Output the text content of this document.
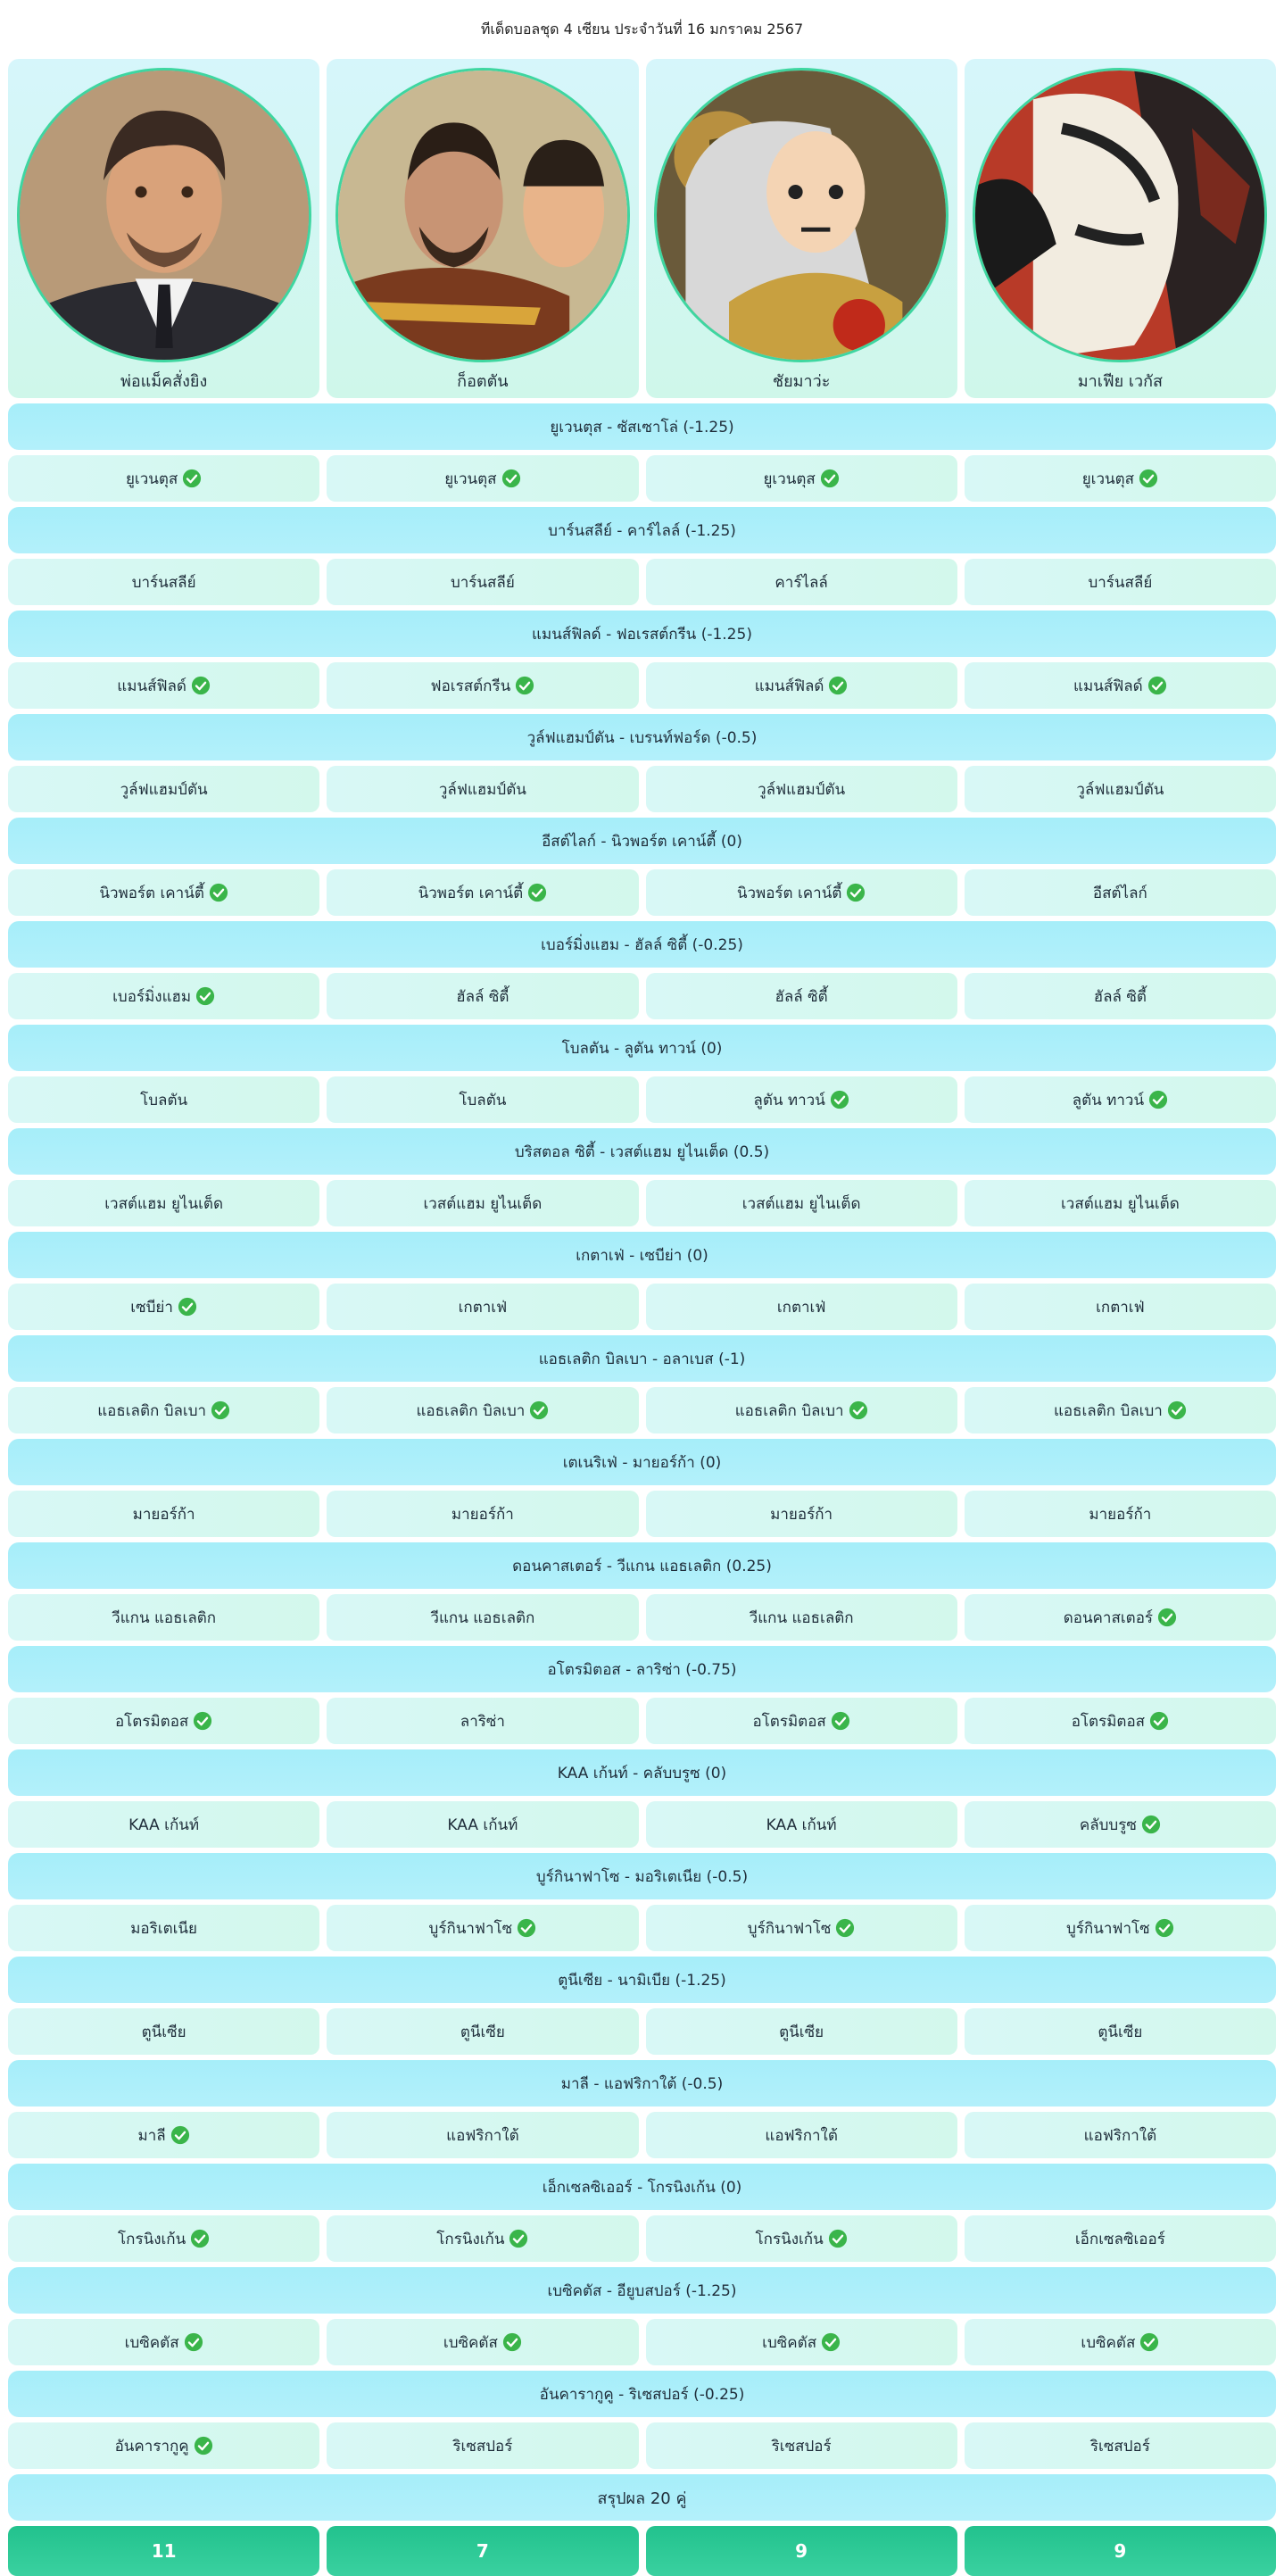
ทีเด็ดบอลชุด 4 เซียน ประจำวันที่ 16 มกราคม 2567
พ่อแม็คสั่งยิง	ก็อตตัน	ชัยมาว่ะ	มาเฟีย เวกัส
ยูเวนตุส - ซัสเซาโล่ (-1.25)
ยูเวนตุส	ยูเวนตุส	ยูเวนตุส	ยูเวนตุส
บาร์นสลีย์ - คาร์ไลล์ (-1.25)
บาร์นสลีย์	บาร์นสลีย์	คาร์ไลล์	บาร์นสลีย์
แมนส์ฟิลด์ - ฟอเรสต์กรีน (-1.25)
แมนส์ฟิลด์	ฟอเรสต์กรีน	แมนส์ฟิลด์	แมนส์ฟิลด์
วูล์ฟแฮมป์ตัน - เบรนท์ฟอร์ด (-0.5)
วูล์ฟแฮมป์ตัน	วูล์ฟแฮมป์ตัน	วูล์ฟแฮมป์ตัน	วูล์ฟแฮมป์ตัน
อีสต์ไลก์ - นิวพอร์ต เคาน์ตี้ (0)
นิวพอร์ต เคาน์ตี้	นิวพอร์ต เคาน์ตี้	นิวพอร์ต เคาน์ตี้	อีสต์ไลก์
เบอร์มิ่งแฮม - ฮัลล์ ซิตี้ (-0.25)
เบอร์มิ่งแฮม	ฮัลล์ ซิตี้	ฮัลล์ ซิตี้	ฮัลล์ ซิตี้
โบลตัน - ลูตัน ทาวน์ (0)
โบลตัน	โบลตัน	ลูตัน ทาวน์	ลูตัน ทาวน์
บริสตอล ซิตี้ - เวสต์แฮม ยูไนเต็ด (0.5)
เวสต์แฮม ยูไนเต็ด	เวสต์แฮม ยูไนเต็ด	เวสต์แฮม ยูไนเต็ด	เวสต์แฮม ยูไนเต็ด
เกตาเฟ่ - เซบีย่า (0)
เซบีย่า	เกตาเฟ่	เกตาเฟ่	เกตาเฟ่
แอธเลติก บิลเบา - อลาเบส (-1)
แอธเลติก บิลเบา	แอธเลติก บิลเบา	แอธเลติก บิลเบา	แอธเลติก บิลเบา
เตเนริเฟ่ - มายอร์ก้า (0)
มายอร์ก้า	มายอร์ก้า	มายอร์ก้า	มายอร์ก้า
ดอนคาสเตอร์ - วีแกน แอธเลติก (0.25)
วีแกน แอธเลติก	วีแกน แอธเลติก	วีแกน แอธเลติก	ดอนคาสเตอร์
อโตรมิตอส - ลาริซ่า (-0.75)
อโตรมิตอส	ลาริซ่า	อโตรมิตอส	อโตรมิตอส
KAA เก้นท์ - คลับบรูซ (0)
KAA เก้นท์	KAA เก้นท์	KAA เก้นท์	คลับบรูซ
บูร์กินาฟาโซ - มอริเตเนีย (-0.5)
มอริเตเนีย	บูร์กินาฟาโซ	บูร์กินาฟาโซ	บูร์กินาฟาโซ
ตูนีเซีย - นามิเบีย (-1.25)
ตูนีเซีย	ตูนีเซีย	ตูนีเซีย	ตูนีเซีย
มาลี - แอฟริกาใต้ (-0.5)
มาลี	แอฟริกาใต้	แอฟริกาใต้	แอฟริกาใต้
เอ็กเซลซิเออร์ - โกรนิงเก้น (0)
โกรนิงเก้น	โกรนิงเก้น	โกรนิงเก้น	เอ็กเซลซิเออร์
เบซิคตัส - อียูบสปอร์ (-1.25)
เบซิคตัส	เบซิคตัส	เบซิคตัส	เบซิคตัส
อันคารากูคู - ริเซสปอร์ (-0.25)
อันคารากูคู	ริเซสปอร์	ริเซสปอร์	ริเซสปอร์
สรุปผล 20 คู่
11	7	9	9
